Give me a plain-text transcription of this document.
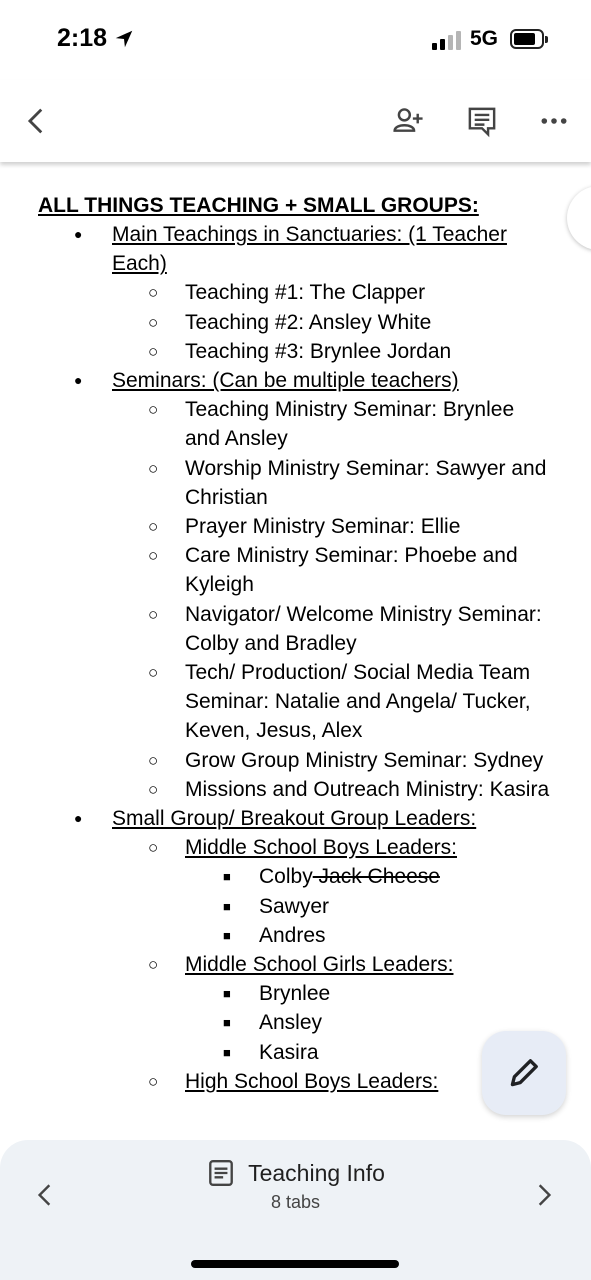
2:18	5G
ALL THINGS TEACHING + SMALL GROUPS:
● Main Teachings in Sanctuaries: (1 Teacher Each)
○ Teaching #1: The Clapper
○ Teaching #2: Ansley White
○ Teaching #3: Brynlee Jordan
● Seminars: (Can be multiple teachers)
○ Teaching Ministry Seminar: Brynlee and Ansley
○ Worship Ministry Seminar: Sawyer and Christian
○ Prayer Ministry Seminar: Ellie
○ Care Ministry Seminar: Phoebe and Kyleigh
○ Navigator/ Welcome Ministry Seminar: Colby and Bradley
○ Tech/ Production/ Social Media Team Seminar: Natalie and Angela/ Tucker, Keven, Jesus, Alex
○ Grow Group Ministry Seminar: Sydney
○ Missions and Outreach Ministry: Kasira
● Small Group/ Breakout Group Leaders:
○ Middle School Boys Leaders:
■ Colby Jack Cheese
■ Sawyer
■ Andres
○ Middle School Girls Leaders:
■ Brynlee
■ Ansley
■ Kasira
○ High School Boys Leaders:
Teaching Info
8 tabs
